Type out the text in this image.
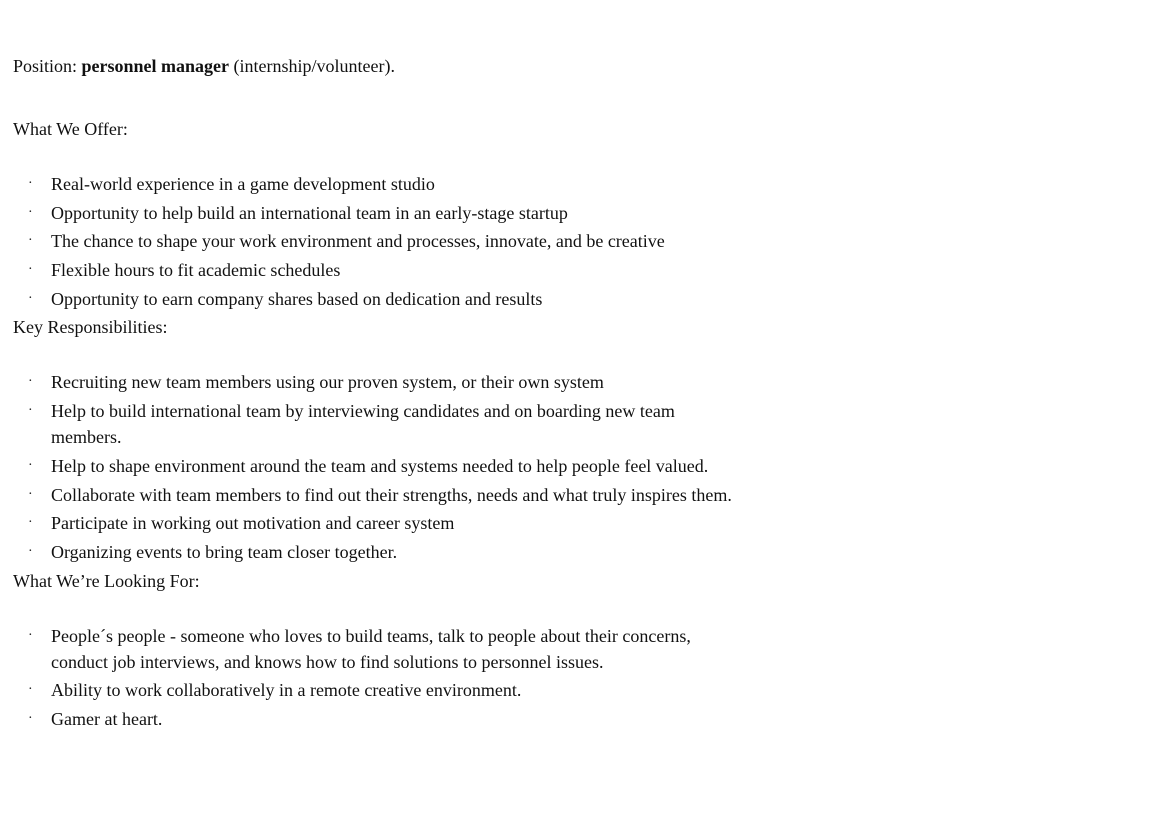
Position: personnel manager (internship/volunteer).

What We Offer:

· Real-world experience in a game development studio
· Opportunity to help build an international team in an early-stage startup
· The chance to shape your work environment and processes, innovate, and be creative
· Flexible hours to fit academic schedules
· Opportunity to earn company shares based on dedication and results

Key Responsibilities:

· Recruiting new team members using our proven system, or their own system
· Help to build international team by interviewing candidates and on boarding new team members.
· Help to shape environment around the team and systems needed to help people feel valued.
· Collaborate with team members to find out their strengths, needs and what truly inspires them.
· Participate in working out motivation and career system
· Organizing events to bring team closer together.

What We’re Looking For:

· People´s people - someone who loves to build teams, talk to people about their concerns, conduct job interviews, and knows how to find solutions to personnel issues.
· Ability to work collaboratively in a remote creative environment.
· Gamer at heart.
